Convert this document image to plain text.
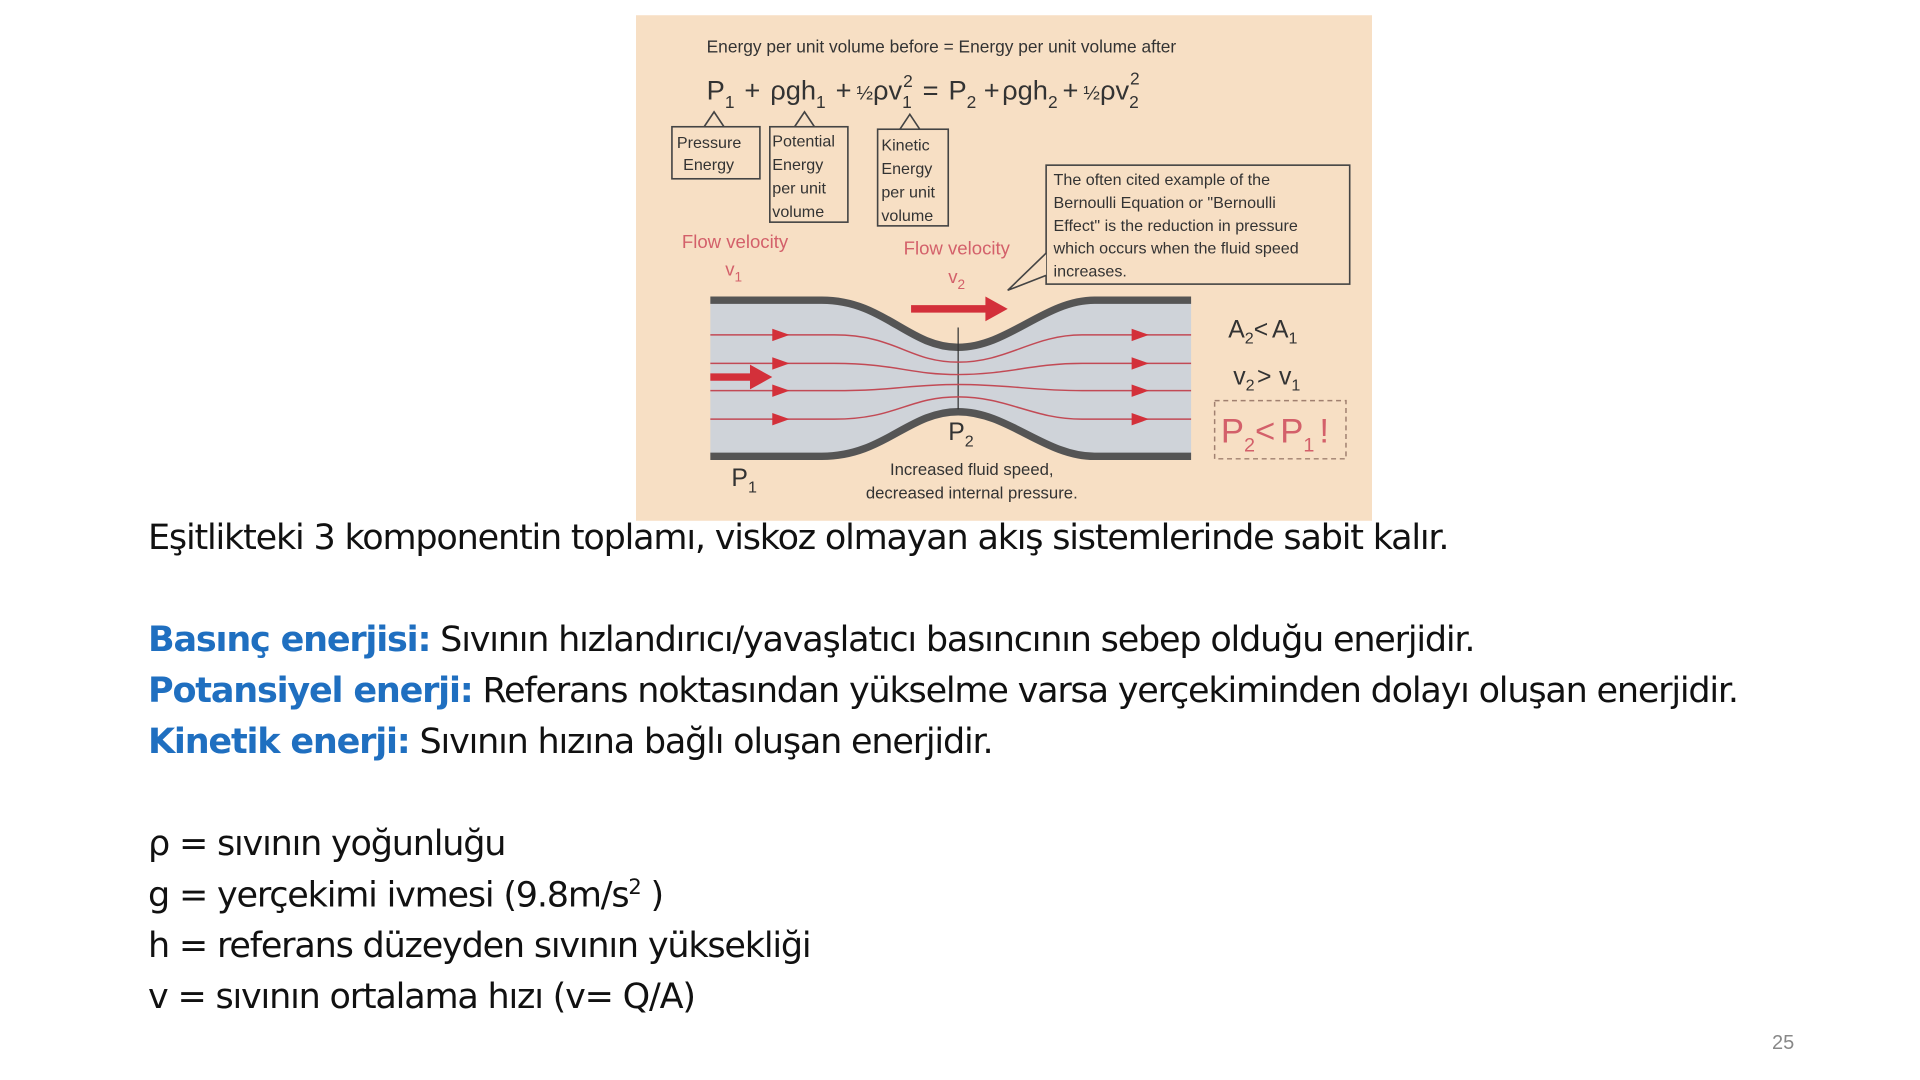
Energy per unit volume before = Energy per unit volume after
$P_1 + \rho gh_1$ + $\frac{1}{2}\rho v_12 = P_2 + \rho gh_2$ + $\frac{1}{2}\rho v_22$
Pressure Energy
Potential Energy per unit volume
Kinetic Energy per unit volume
The often cited example of the Bernoulli Equation or "Bernoulli Effect" is the reduction in pressure which occurs when the fluid speed increases.
Flow velocity
$v_1$
Flow velocity
$v_2$
$A_2< A_1$
$v_2 > v_1$
$P_2$
$P_1$
$P_2< P_1$ !
Increased fluid speed, decreased internal pressure.
Eşitlikteki 3 komponentin toplamı, viskoz olmayan akış sistemlerinde sabit kalır.
Basınç enerjisi: Sıvının hızlandırıcı/yavaşlatıcı basıncının sebep olduğu enerjidir.
Potansiyel enerji: Referans noktasından yükselme varsa yerçekiminden dolayı oluşan enerjidir.
Kinetik enerji: Sıvının hızına bağlı oluşan enerjidir.
ρ = sıvının yoğunluğu
g = yerçekimi ivmesi ($9.8m/s^2$ )
h = referans düzeyden sıvının yüksekliği
v = sıvının ortalama hızı (v= Q/A)
25
